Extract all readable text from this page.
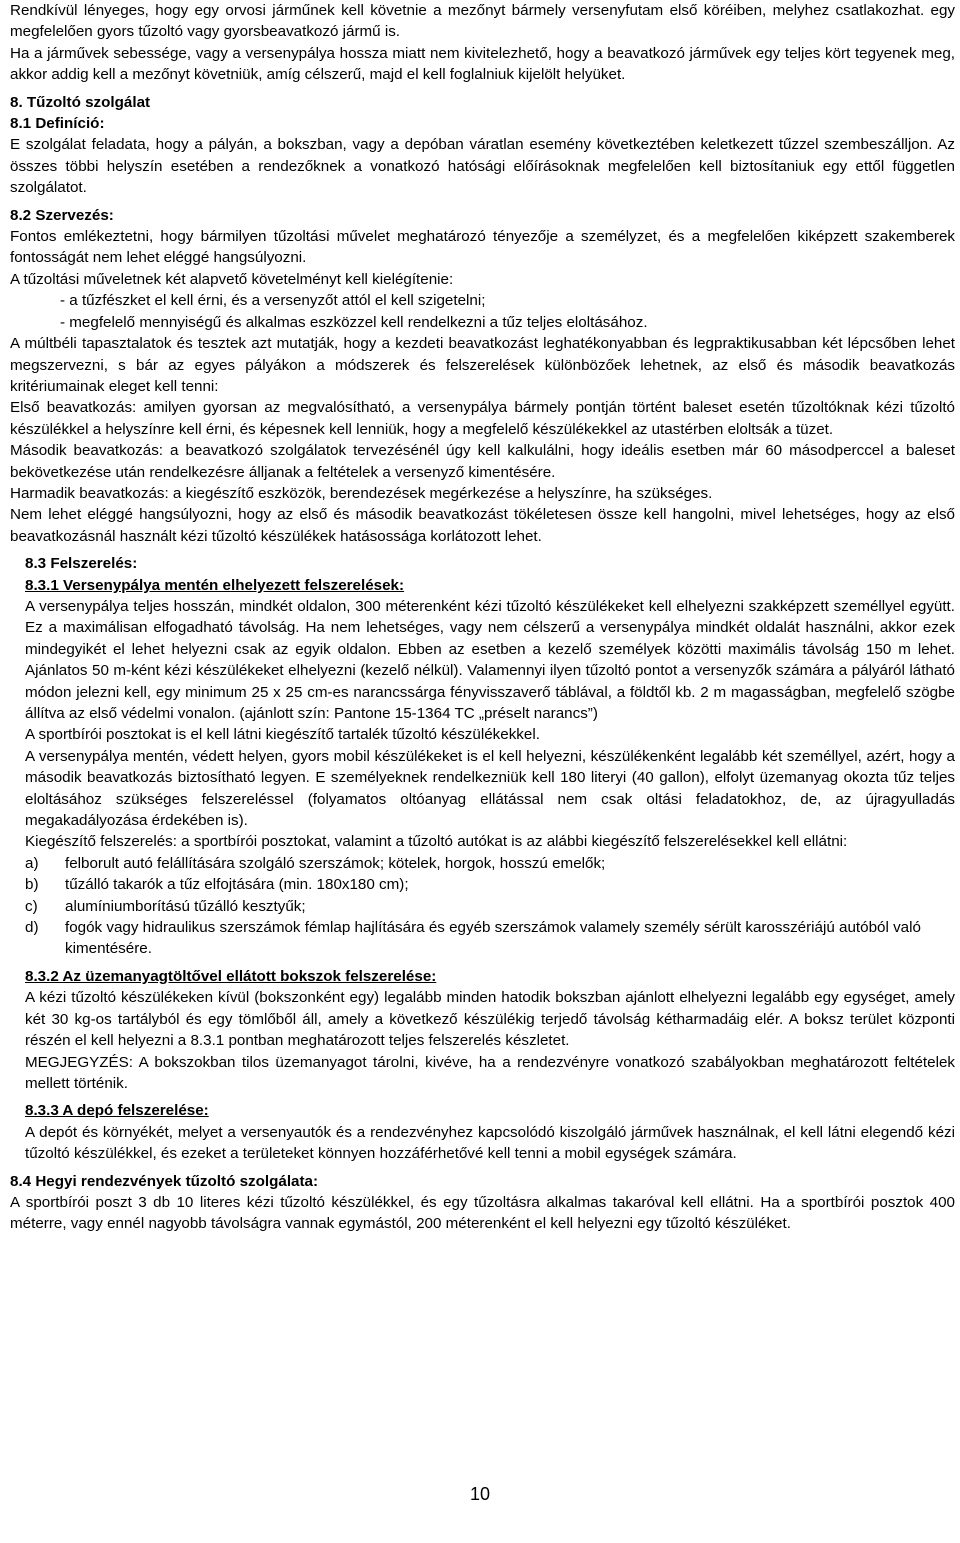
Rendkívül lényeges, hogy egy orvosi járműnek kell követnie a mezőnyt bármely versenyfutam első köréiben, melyhez csatlakozhat. egy megfelelően gyors tűzoltó vagy gyorsbeavatkozó jármű is.

Ha a járművek sebessége, vagy a versenypálya hossza miatt nem kivitelezhető, hogy a beavatkozó járművek egy teljes kört tegyenek meg, akkor addig kell a mezőnyt követniük, amíg célszerű, majd el kell foglalniuk kijelölt helyüket.

8. Tűzoltó szolgálat

8.1 Definíció:

E szolgálat feladata, hogy a pályán, a bokszban, vagy a depóban váratlan esemény következtében keletkezett tűzzel szembeszálljon. Az összes többi helyszín esetében a rendezőknek a vonatkozó hatósági előírásoknak megfelelően kell biztosítaniuk egy ettől független szolgálatot.

8.2 Szervezés:

Fontos emlékeztetni, hogy bármilyen tűzoltási művelet meghatározó tényezője a személyzet, és a megfelelően kiképzett szakemberek fontosságát nem lehet eléggé hangsúlyozni.

A tűzoltási műveletnek két alapvető követelményt kell kielégítenie:

- a tűzfészket el kell érni, és a versenyzőt attól el kell szigetelni;

- megfelelő mennyiségű és alkalmas eszközzel kell rendelkezni a tűz teljes eloltásához.

A múltbéli tapasztalatok és tesztek azt mutatják, hogy a kezdeti beavatkozást leghatékonyabban és legpraktikusabban két lépcsőben lehet megszervezni, s bár az egyes pályákon a módszerek és felszerelések különbözőek lehetnek, az első és második beavatkozás kritériumainak eleget kell tenni:

Első beavatkozás: amilyen gyorsan az megvalósítható, a versenypálya bármely pontján történt baleset esetén tűzoltóknak kézi tűzoltó készülékkel a helyszínre kell érni, és képesnek kell lenniük, hogy a megfelelő készülékekkel az utastérben eloltsák a tüzet.

Második beavatkozás: a beavatkozó szolgálatok tervezésénél úgy kell kalkulálni, hogy ideális esetben már 60 másodperccel a baleset bekövetkezése után rendelkezésre álljanak a feltételek a versenyző kimentésére.

Harmadik beavatkozás: a kiegészítő eszközök, berendezések megérkezése a helyszínre, ha szükséges.

Nem lehet eléggé hangsúlyozni, hogy az első és második beavatkozást tökéletesen össze kell hangolni, mivel lehetséges, hogy az első beavatkozásnál használt kézi tűzoltó készülékek hatásossága korlátozott lehet.

8.3 Felszerelés:

8.3.1 Versenypálya mentén elhelyezett felszerelések:

A versenypálya teljes hosszán, mindkét oldalon, 300 méterenként kézi tűzoltó készülékeket kell elhelyezni szakképzett személlyel együtt. Ez a maximálisan elfogadható távolság. Ha nem lehetséges, vagy nem célszerű a versenypálya mindkét oldalát használni, akkor ezek mindegyikét el lehet helyezni csak az egyik oldalon. Ebben az esetben a kezelő személyek közötti maximális távolság 150 m lehet. Ajánlatos 50 m-ként kézi készülékeket elhelyezni (kezelő nélkül). Valamennyi ilyen tűzoltó pontot a versenyzők számára a pályáról látható módon jelezni kell, egy minimum 25 x 25 cm-es narancssárga fényvisszaverő táblával, a földtől kb. 2 m magasságban, megfelelő szögbe állítva az első védelmi vonalon. (ajánlott szín: Pantone 15-1364 TC „préselt narancs”)

A sportbírói posztokat is el kell látni kiegészítő tartalék tűzoltó készülékekkel.

A versenypálya mentén, védett helyen, gyors mobil készülékeket is el kell helyezni, készülékenként legalább két személlyel, azért, hogy a második beavatkozás biztosítható legyen. E személyeknek rendelkezniük kell 180 literyi (40 gallon), elfolyt üzemanyag okozta tűz teljes eloltásához szükséges felszereléssel (folyamatos oltóanyag ellátással nem csak oltási feladatokhoz, de, az újragyulladás megakadályozása érdekében is).

Kiegészítő felszerelés: a sportbírói posztokat, valamint a tűzoltó autókat is az alábbi kiegészítő felszerelésekkel kell ellátni:

a)	felborult autó felállítására szolgáló szerszámok; kötelek, horgok, hosszú emelők;
b)	tűzálló takarók a tűz elfojtására (min. 180x180 cm);
c)	alumíniumborítású tűzálló kesztyűk;
d)	fogók vagy hidraulikus szerszámok fémlap hajlítására és egyéb szerszámok valamely személy sérült karosszériájú autóból való kimentésére.

8.3.2 Az üzemanyagtöltővel ellátott bokszok felszerelése:

A kézi tűzoltó készülékeken kívül (bokszonként egy) legalább minden hatodik bokszban ajánlott elhelyezni legalább egy egységet, amely két 30 kg-os tartályból és egy tömlőből áll, amely a következő készülékig terjedő távolság kétharmadáig elér. A boksz terület központi részén el kell helyezni a 8.3.1 pontban meghatározott teljes felszerelés készletet.

MEGJEGYZÉS: A bokszokban tilos üzemanyagot tárolni, kivéve, ha a rendezvényre vonatkozó szabályokban meghatározott feltételek mellett történik.

8.3.3 A depó felszerelése:

A depót és környékét, melyet a versenyautók és a rendezvényhez kapcsolódó kiszolgáló járművek használnak, el kell látni elegendő kézi tűzoltó készülékkel, és ezeket a területeket könnyen hozzáférhetővé kell tenni a mobil egységek számára.

8.4 Hegyi rendezvények tűzoltó szolgálata:

A sportbírói poszt 3 db 10 literes kézi tűzoltó készülékkel, és egy tűzoltásra alkalmas takaróval kell ellátni. Ha a sportbírói posztok 400 méterre, vagy ennél nagyobb távolságra vannak egymástól, 200 méterenként el kell helyezni egy tűzoltó készüléket.

10
